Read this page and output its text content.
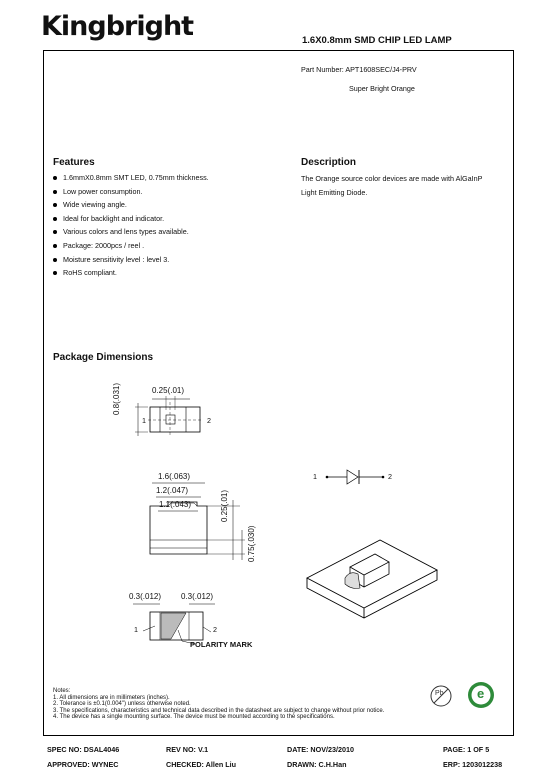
Kingbright	1.6X0.8mm SMD CHIP LED LAMP
Part Number: APT1608SEC/J4-PRV
Super Bright Orange
Features
1.6mmX0.8mm SMT LED, 0.75mm thickness.
Low power consumption.
Wide viewing angle.
Ideal for backlight and indicator.
Various colors and lens types available.
Package: 2000pcs / reel .
Moisture sensitivity level : level 3.
RoHS compliant.
Description
The Orange source color devices are made with AlGaInP
Light Emitting Diode.
Package Dimensions
0.25(.01)
0.8(.031)
1	2
1.6(.063)
1.2(.047)
1.1(.043)	0.25(.01)
0.75(.030)
0.3(.012) 0.3(.012)
1	2
POLARITY MARK
1	2
Pb	e
Notes:
1. All dimensions are in millimeters (inches).
2. Tolerance is ±0.1(0.004") unless otherwise noted.
3. The specifications, characteristics and technical data described in the datasheet are subject to change without prior notice.
4. The device has a single mounting surface. The device must be mounted according to the specifications.
SPEC NO: DSAL4046	REV NO: V.1	DATE: NOV/23/2010	PAGE: 1 OF 5
APPROVED: WYNEC	CHECKED: Allen Liu	DRAWN: C.H.Han	ERP: 1203012238
